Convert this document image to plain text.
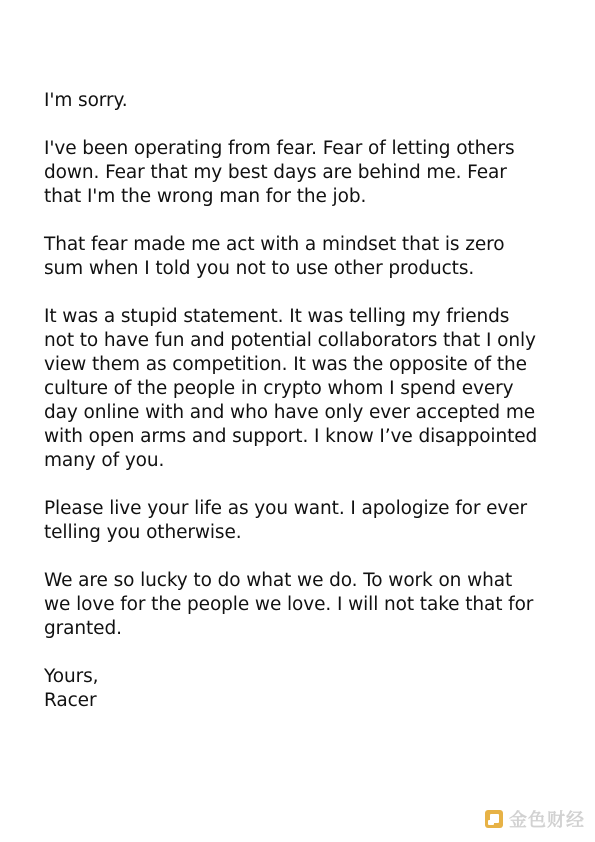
I'm sorry.

I've been operating from fear. Fear of letting others
down. Fear that my best days are behind me. Fear
that I'm the wrong man for the job.

That fear made me act with a mindset that is zero
sum when I told you not to use other products.

It was a stupid statement. It was telling my friends
not to have fun and potential collaborators that I only
view them as competition. It was the opposite of the
culture of the people in crypto whom I spend every
day online with and who have only ever accepted me
with open arms and support. I know I’ve disappointed
many of you.

Please live your life as you want. I apologize for ever
telling you otherwise.

We are so lucky to do what we do. To work on what
we love for the people we love. I will not take that for
granted.

Yours,
Racer

金色财经
